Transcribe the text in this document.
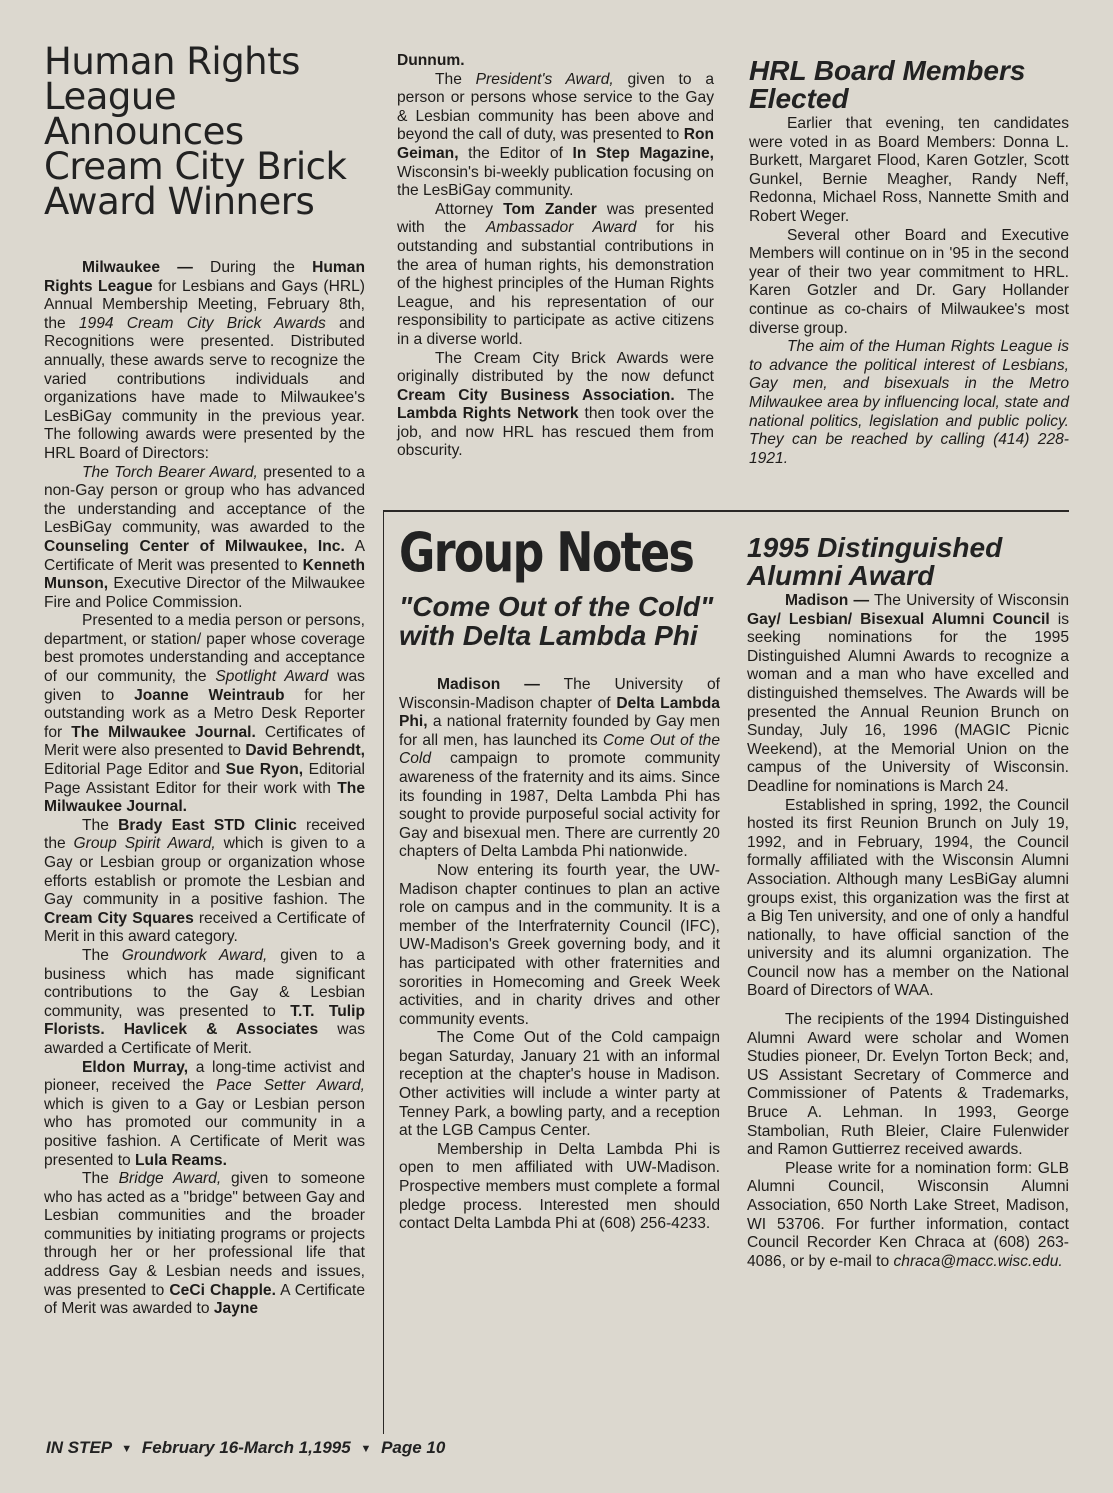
Human Rights League Announces Cream City Brick Award Winners

Milwaukee — During the Human Rights League for Lesbians and Gays (HRL) Annual Membership Meeting, February 8th, the 1994 Cream City Brick Awards and Recognitions were presented. Distributed annually, these awards serve to recognize the varied contributions individuals and organizations have made to Milwaukee's LesBiGay community in the previous year. The following awards were presented by the HRL Board of Directors:

The Torch Bearer Award, presented to a non-Gay person or group who has advanced the understanding and acceptance of the LesBiGay community, was awarded to the Counseling Center of Milwaukee, Inc. A Certificate of Merit was presented to Kenneth Munson, Executive Director of the Milwaukee Fire and Police Commission.

Presented to a media person or persons, department, or station/ paper whose coverage best promotes understanding and acceptance of our community, the Spotlight Award was given to Joanne Weintraub for her outstanding work as a Metro Desk Reporter for The Milwaukee Journal. Certificates of Merit were also presented to David Behrendt, Editorial Page Editor and Sue Ryon, Editorial Page Assistant Editor for their work with The Milwaukee Journal.

The Brady East STD Clinic received the Group Spirit Award, which is given to a Gay or Lesbian group or organization whose efforts establish or promote the Lesbian and Gay community in a positive fashion. The Cream City Squares received a Certificate of Merit in this award category.

The Groundwork Award, given to a business which has made significant contributions to the Gay & Lesbian community, was presented to T.T. Tulip Florists. Havlicek & Associates was awarded a Certificate of Merit.

Eldon Murray, a long-time activist and pioneer, received the Pace Setter Award, which is given to a Gay or Lesbian person who has promoted our community in a positive fashion. A Certificate of Merit was presented to Lula Reams.

The Bridge Award, given to someone who has acted as a "bridge" between Gay and Lesbian communities and the broader communities by initiating programs or projects through her or her professional life that address Gay & Lesbian needs and issues, was presented to CeCi Chapple. A Certificate of Merit was awarded to Jayne

Dunnum.

The President's Award, given to a person or persons whose service to the Gay & Lesbian community has been above and beyond the call of duty, was presented to Ron Geiman, the Editor of In Step Magazine, Wisconsin's bi-weekly publication focusing on the LesBiGay community.

Attorney Tom Zander was presented with the Ambassador Award for his outstanding and substantial contributions in the area of human rights, his demonstration of the highest principles of the Human Rights League, and his representation of our responsibility to participate as active citizens in a diverse world.

The Cream City Brick Awards were originally distributed by the now defunct Cream City Business Association. The Lambda Rights Network then took over the job, and now HRL has rescued them from obscurity.

HRL Board Members Elected

Earlier that evening, ten candidates were voted in as Board Members: Donna L. Burkett, Margaret Flood, Karen Gotzler, Scott Gunkel, Bernie Meagher, Randy Neff, Redonna, Michael Ross, Nannette Smith and Robert Weger.

Several other Board and Executive Members will continue on in '95 in the second year of their two year commitment to HRL. Karen Gotzler and Dr. Gary Hollander continue as co-chairs of Milwaukee's most diverse group.

The aim of the Human Rights League is to advance the political interest of Lesbians, Gay men, and bisexuals in the Metro Milwaukee area by influencing local, state and national politics, legislation and public policy. They can be reached by calling (414) 228-1921.

Group Notes
"Come Out of the Cold" with Delta Lambda Phi

Madison — The University of Wisconsin-Madison chapter of Delta Lambda Phi, a national fraternity founded by Gay men for all men, has launched its Come Out of the Cold campaign to promote community awareness of the fraternity and its aims. Since its founding in 1987, Delta Lambda Phi has sought to provide purposeful social activity for Gay and bisexual men. There are currently 20 chapters of Delta Lambda Phi nationwide.

Now entering its fourth year, the UW-Madison chapter continues to plan an active role on campus and in the community. It is a member of the Interfraternity Council (IFC), UW-Madison's Greek governing body, and it has participated with other fraternities and sororities in Homecoming and Greek Week activities, and in charity drives and other community events.

The Come Out of the Cold campaign began Saturday, January 21 with an informal reception at the chapter's house in Madison. Other activities will include a winter party at Tenney Park, a bowling party, and a reception at the LGB Campus Center.

Membership in Delta Lambda Phi is open to men affiliated with UW-Madison. Prospective members must complete a formal pledge process. Interested men should contact Delta Lambda Phi at (608) 256-4233.

1995 Distinguished Alumni Award

Madison — The University of Wisconsin Gay/ Lesbian/ Bisexual Alumni Council is seeking nominations for the 1995 Distinguished Alumni Awards to recognize a woman and a man who have excelled and distinguished themselves. The Awards will be presented the Annual Reunion Brunch on Sunday, July 16, 1996 (MAGIC Picnic Weekend), at the Memorial Union on the campus of the University of Wisconsin. Deadline for nominations is March 24.

Established in spring, 1992, the Council hosted its first Reunion Brunch on July 19, 1992, and in February, 1994, the Council formally affiliated with the Wisconsin Alumni Association. Although many LesBiGay alumni groups exist, this organization was the first at a Big Ten university, and one of only a handful nationally, to have official sanction of the university and its alumni organization. The Council now has a member on the National Board of Directors of WAA.

The recipients of the 1994 Distinguished Alumni Award were scholar and Women Studies pioneer, Dr. Evelyn Torton Beck; and, US Assistant Secretary of Commerce and Commissioner of Patents & Trademarks, Bruce A. Lehman. In 1993, George Stambolian, Ruth Bleier, Claire Fulenwider and Ramon Guttierrez received awards.

Please write for a nomination form: GLB Alumni Council, Wisconsin Alumni Association, 650 North Lake Street, Madison, WI 53706. For further information, contact Council Recorder Ken Chraca at (608) 263-4086, or by e-mail to chraca@macc.wisc.edu.

IN STEP ▼ February 16-March 1,1995 ▼ Page 10
